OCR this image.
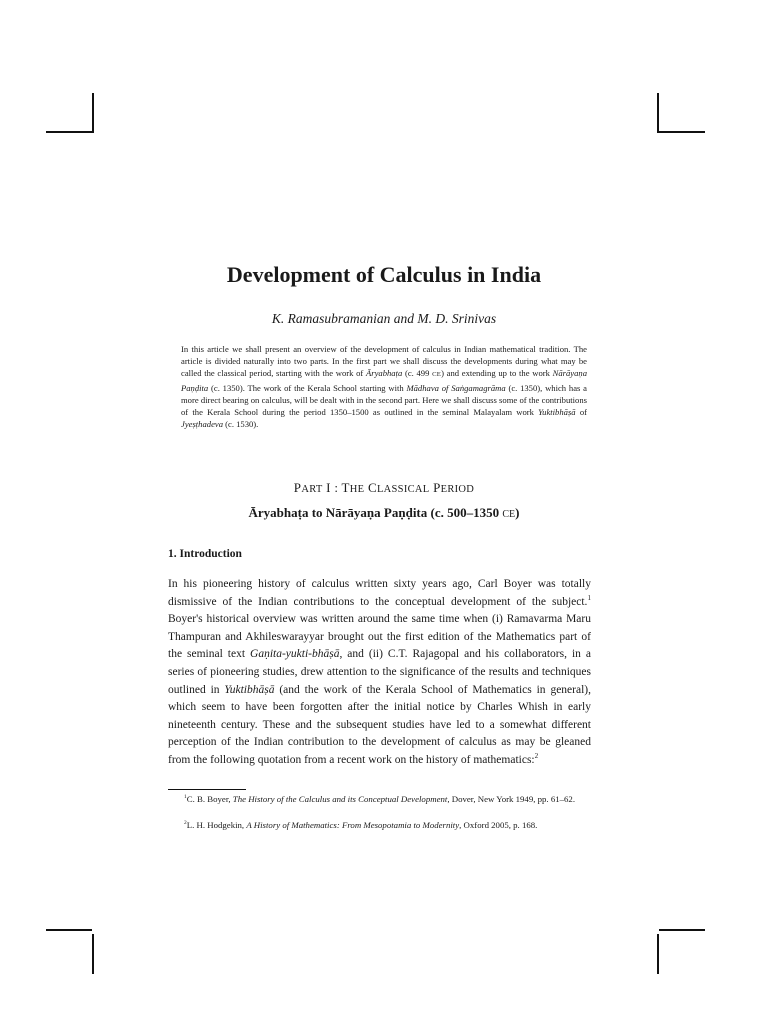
Development of Calculus in India
K. Ramasubramanian and M. D. Srinivas

In this article we shall present an overview of the development of calculus in Indian mathematical tradition. The article is divided naturally into two parts. In the first part we shall discuss the developments during what may be called the classical period, starting with the work of Āryabhaṭa (c. 499 CE) and extending up to the work Nārāyaṇa Paṇḍita (c. 1350). The work of the Kerala School starting with Mādhava of Saṅgamagrāma (c. 1350), which has a more direct bearing on calculus, will be dealt with in the second part. Here we shall discuss some of the contributions of the Kerala School during the period 1350–1500 as outlined in the seminal Malayalam work Yuktibhāṣā of Jyeṣṭhadeva (c. 1530).

PART I : THE CLASSICAL PERIOD
Āryabhaṭa to Nārāyaṇa Paṇḍita (c. 500–1350 CE)
1. Introduction

In his pioneering history of calculus written sixty years ago, Carl Boyer was totally dismissive of the Indian contributions to the conceptual development of the subject.$^1$ Boyer's historical overview was written around the same time when (i) Ramavarma Maru Thampuran and Akhileswarayyar brought out the first edition of the Mathematics part of the seminal text Gaṇita-yukti-bhāṣā, and (ii) C.T. Rajagopal and his collaborators, in a series of pioneering studies, drew attention to the significance of the results and techniques outlined in Yuktibhāṣā (and the work of the Kerala School of Mathematics in general), which seem to have been forgotten after the initial notice by Charles Whish in early nineteenth century. These and the subsequent studies have led to a somewhat different perception of the Indian contribution to the development of calculus as may be gleaned from the following quotation from a recent work on the history of mathematics:$^2$

$^1$C. B. Boyer, The History of the Calculus and its Conceptual Development, Dover, New York 1949, pp. 61–62.

$^2$L. H. Hodgekin, A History of Mathematics: From Mesopotamia to Modernity, Oxford 2005, p. 168.
